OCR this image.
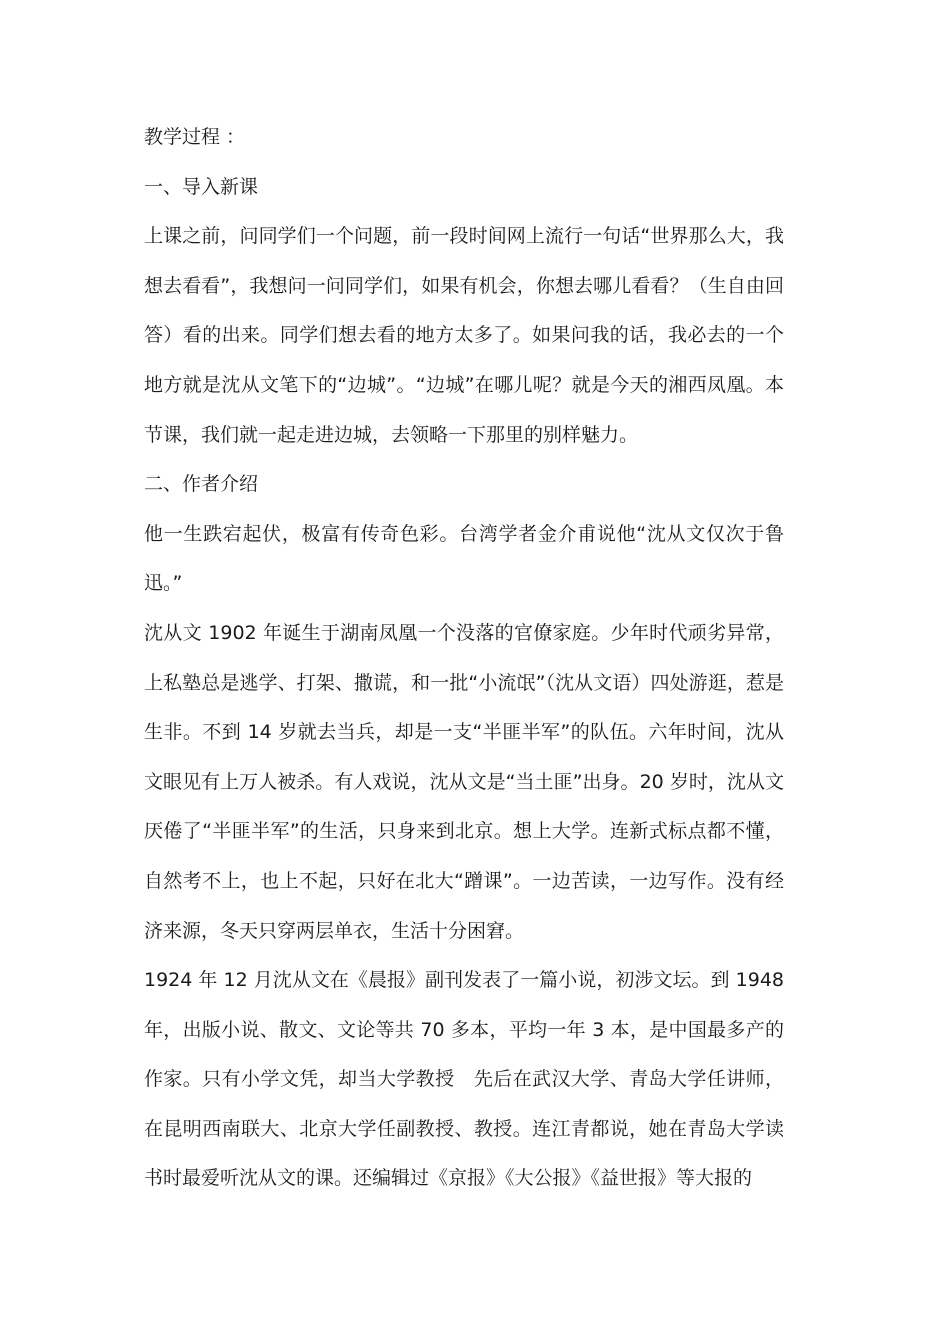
教学过程 ：

一、导入新课

上课之前，问同学们一个问题，前一段时间网上流行一句话“世界那么大，我想去看看”，我想问一问同学们，如果有机会，你想去哪儿看看？（生自由回答）看的出来。同学们想去看的地方太多了。如果问我的话，我必去的一个地方就是沈从文笔下的“边城”。“边城”在哪儿呢？就是今天的湘西凤凰。本节课，我们就一起走进边城，去领略一下那里的别样魅力。

二、作者介绍

他一生跌宕起伏，极富有传奇色彩。台湾学者金介甫说他“沈从文仅次于鲁迅。”

沈从文 1902 年诞生于湖南凤凰一个没落的官僚家庭。少年时代顽劣异常，上私塾总是逃学、打架、撒谎，和一批“小流氓”（沈从文语）四处游逛，惹是生非。不到 14 岁就去当兵，却是一支“半匪半军”的队伍。六年时间，沈从文眼见有上万人被杀。有人戏说，沈从文是“当土匪”出身。20 岁时，沈从文厌倦了“半匪半军”的生活，只身来到北京。想上大学。连新式标点都不懂，自然考不上，也上不起，只好在北大“蹭课”。一边苦读，一边写作。没有经济来源，冬天只穿两层单衣，生活十分困窘。

1924 年 12 月沈从文在《晨报》副刊发表了一篇小说，初涉文坛。到 1948 年，出版小说、散文、文论等共 70 多本，平均一年 3 本，是中国最多产的作家。只有小学文凭，却当大学教授　先后在武汉大学、青岛大学任讲师，在昆明西南联大、北京大学任副教授、教授。连江青都说，她在青岛大学读书时最爱听沈从文的课。还编辑过《京报》《大公报》《益世报》等大报的
